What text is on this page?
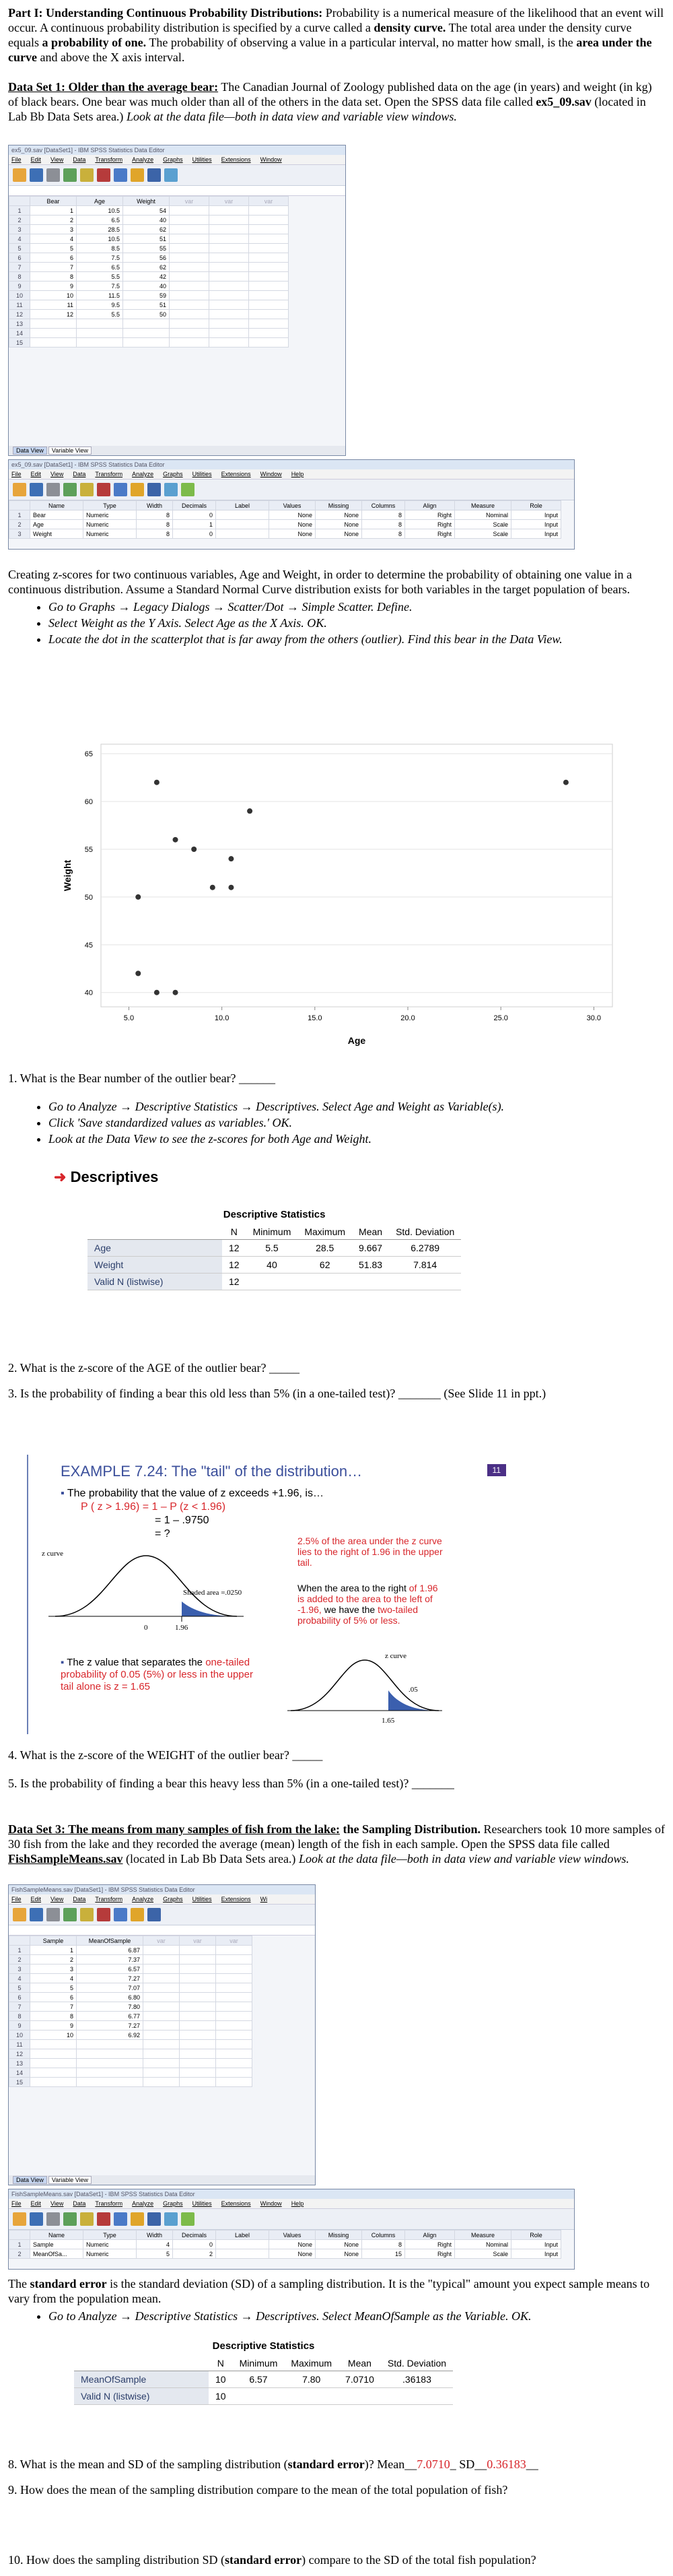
Part I: Understanding Continuous Probability Distributions: Probability is a numerical measure of the likelihood that an event will occur. A continuous probability distribution is specified by a curve called a density curve. The total area under the density curve equals a probability of one. The probability of observing a value in a particular interval, no matter how small, is the area under the curve and above the X axis interval.
Data Set 1: Older than the average bear: The Canadian Journal of Zoology published data on the age (in years) and weight (in kg) of black bears. One bear was much older than all of the others in the data set. Open the SPSS data file called ex5_09.sav (located in Lab Bb Data Sets area.) Look at the data file—both in data view and variable view windows.
ex5_09.sav [DataSet1] - IBM SPSS Statistics Data Editor
File Edit View Data Transform Analyze Graphs Utilities Extensions Window
	Bear	Age	Weight	var	var	var
1	1	10.5	54			
2	2	6.5	40			
3	3	28.5	62			
4	4	10.5	51			
5	5	8.5	55			
6	6	7.5	56			
7	7	6.5	62			
8	8	5.5	42			
9	9	7.5	40			
10	10	11.5	59			
11	11	9.5	51			
12	12	5.5	50			
13						
14						
15						
Data View Variable View
ex5_09.sav [DataSet1] - IBM SPSS Statistics Data Editor
File Edit View Data Transform Analyze Graphs Utilities Extensions Window Help
	Name	Type	Width	Decimals	Label	Values	Missing	Columns	Align	Measure	Role
1	Bear	Numeric	8	0		None	None	8	Right	Nominal	Input
2	Age	Numeric	8	1		None	None	8	Right	Scale	Input
3	Weight	Numeric	8	0		None	None	8	Right	Scale	Input
Creating z-scores for two continuous variables, Age and Weight, in order to determine the probability of obtaining one value in a continuous distribution. Assume a Standard Normal Curve distribution exists for both variables in the target population of bears.
• Go to Graphs → Legacy Dialogs → Scatter/Dot → Simple Scatter. Define.
• Select Weight as the Y Axis. Select Age as the X Axis. OK.
• Locate the dot in the scatterplot that is far away from the others (outlier). Find this bear in the Data View.
5.0	10.0	15.0	20.0	25.0	30.0
40
45
50
55
60
65
Age
Weight
1. What is the Bear number of the outlier bear? ______
• Go to Analyze → Descriptive Statistics → Descriptives. Select Age and Weight as Variable(s).
• Click 'Save standardized values as variables.' OK.
• Look at the Data View to see the z-scores for both Age and Weight.
➜ Descriptives
Descriptive Statistics
	N	Minimum	Maximum	Mean	Std. Deviation
Age	12	5.5	28.5	9.667	6.2789
Weight	12	40	62	51.83	7.814
Valid N (listwise)	12				
2. What is the z-score of the AGE of the outlier bear? _____
3. Is the probability of finding a bear this old less than 5% (in a one-tailed test)? _______ (See Slide 11 in ppt.)
EXAMPLE 7.24: The "tail" of the distribution…	11
▪ The probability that the value of z exceeds +1.96, is…
P ( z > 1.96) = 1 – P (z < 1.96)
= 1 – .9750
= ?
2.5% of the area under the z curve lies to the right of 1.96 in the upper tail.
When the area to the right of 1.96 is added to the area to the left of -1.96, we have the two-tailed probability of 5% or less.
z curve
Shaded area =.0250
0	1.96
▪ The z value that separates the one-tailed probability of 0.05 (5%) or less in the upper tail alone is z = 1.65
z curve
.05
1.65
4. What is the z-score of the WEIGHT of the outlier bear? _____
5. Is the probability of finding a bear this heavy less than 5% (in a one-tailed test)? _______
Data Set 3: The means from many samples of fish from the lake: the Sampling Distribution. Researchers took 10 more samples of 30 fish from the lake and they recorded the average (mean) length of the fish in each sample. Open the SPSS data file called FishSampleMeans.sav (located in Lab Bb Data Sets area.) Look at the data file—both in data view and variable view windows.
FishSampleMeans.sav [DataSet1] - IBM SPSS Statistics Data Editor
File Edit View Data Transform Analyze Graphs Utilities Extensions Wi
	Sample	MeanOfSample	var	var	var
1	1	6.87			
2	2	7.37			
3	3	6.57			
4	4	7.27			
5	5	7.07			
6	6	6.80			
7	7	7.80			
8	8	6.77			
9	9	7.27			
10	10	6.92			
11					
12					
13					
14					
15					
Data View Variable View
FishSampleMeans.sav [DataSet1] - IBM SPSS Statistics Data Editor
File Edit View Data Transform Analyze Graphs Utilities Extensions Window Help
	Name	Type	Width	Decimals	Label	Values	Missing	Columns	Align	Measure	Role
1	Sample	Numeric	4	0		None	None	8	Right	Nominal	Input
2	MeanOfSa...	Numeric	5	2		None	None	15	Right	Scale	Input
The standard error is the standard deviation (SD) of a sampling distribution. It is the "typical" amount you expect sample means to vary from the population mean.
• Go to Analyze → Descriptive Statistics → Descriptives. Select MeanOfSample as the Variable. OK.
Descriptive Statistics
	N	Minimum	Maximum	Mean	Std. Deviation
MeanOfSample	10	6.57	7.80	7.0710	.36183
Valid N (listwise)	10				
8. What is the mean and SD of the sampling distribution (standard error)? Mean__7.0710_ SD__0.36183__
9. How does the mean of the sampling distribution compare to the mean of the total population of fish?
10. How does the sampling distribution SD (standard error) compare to the SD of the total fish population?
